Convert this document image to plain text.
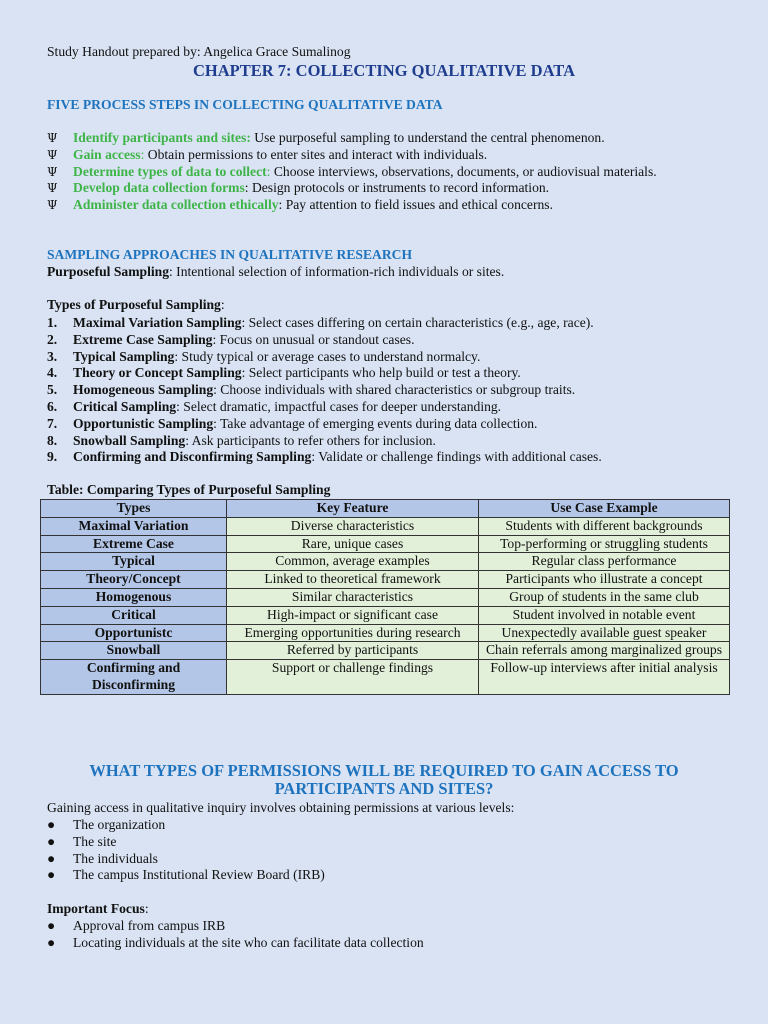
Study Handout prepared by: Angelica Grace Sumalinog
CHAPTER 7: COLLECTING QUALITATIVE DATA
FIVE PROCESS STEPS IN COLLECTING QUALITATIVE DATA
Ψ Identify participants and sites: Use purposeful sampling to understand the central phenomenon.
Ψ Gain access: Obtain permissions to enter sites and interact with individuals.
Ψ Determine types of data to collect: Choose interviews, observations, documents, or audiovisual materials.
Ψ Develop data collection forms: Design protocols or instruments to record information.
Ψ Administer data collection ethically: Pay attention to field issues and ethical concerns.
SAMPLING APPROACHES IN QUALITATIVE RESEARCH
Purposeful Sampling: Intentional selection of information-rich individuals or sites.
Types of Purposeful Sampling:
1. Maximal Variation Sampling: Select cases differing on certain characteristics (e.g., age, race).
2. Extreme Case Sampling: Focus on unusual or standout cases.
3. Typical Sampling: Study typical or average cases to understand normalcy.
4. Theory or Concept Sampling: Select participants who help build or test a theory.
5. Homogeneous Sampling: Choose individuals with shared characteristics or subgroup traits.
6. Critical Sampling: Select dramatic, impactful cases for deeper understanding.
7. Opportunistic Sampling: Take advantage of emerging events during data collection.
8. Snowball Sampling: Ask participants to refer others for inclusion.
9. Confirming and Disconfirming Sampling: Validate or challenge findings with additional cases.
Table: Comparing Types of Purposeful Sampling
Types	Key Feature	Use Case Example
Maximal Variation	Diverse characteristics	Students with different backgrounds
Extreme Case	Rare, unique cases	Top-performing or struggling students
Typical	Common, average examples	Regular class performance
Theory/Concept	Linked to theoretical framework	Participants who illustrate a concept
Homogenous	Similar characteristics	Group of students in the same club
Critical	High-impact or significant case	Student involved in notable event
Opportunistc	Emerging opportunities during research	Unexpectedly available guest speaker
Snowball	Referred by participants	Chain referrals among marginalized groups
Confirming and Disconfirming	Support or challenge findings	Follow-up interviews after initial analysis
WHAT TYPES OF PERMISSIONS WILL BE REQUIRED TO GAIN ACCESS TO PARTICIPANTS AND SITES?
Gaining access in qualitative inquiry involves obtaining permissions at various levels:
● The organization
● The site
● The individuals
● The campus Institutional Review Board (IRB)
Important Focus:
● Approval from campus IRB
● Locating individuals at the site who can facilitate data collection
